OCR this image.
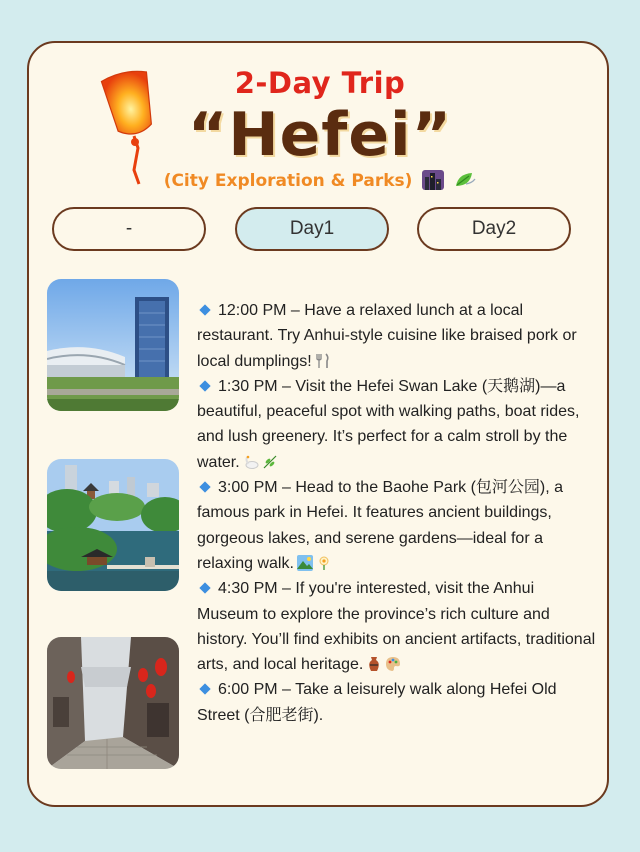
2-Day Trip
“Hefei”
(City Exploration & Parks)
-	Day1	Day2

12:00 PM – Have a relaxed lunch at a local restaurant. Try Anhui-style cuisine like braised pork or local dumplings!

1:30 PM – Visit the Hefei Swan Lake (天鹅湖)—a beautiful, peaceful spot with walking paths, boat rides, and lush greenery. It’s perfect for a calm stroll by the water.

3:00 PM – Head to the Baohe Park (包河公园), a famous park in Hefei. It features ancient buildings, gorgeous lakes, and serene gardens—ideal for a relaxing walk.

4:30 PM – If you're interested, visit the Anhui Museum to explore the province’s rich culture and history. You’ll find exhibits on ancient artifacts, traditional arts, and local heritage.

6:00 PM – Take a leisurely walk along Hefei Old Street (合肥老街).
